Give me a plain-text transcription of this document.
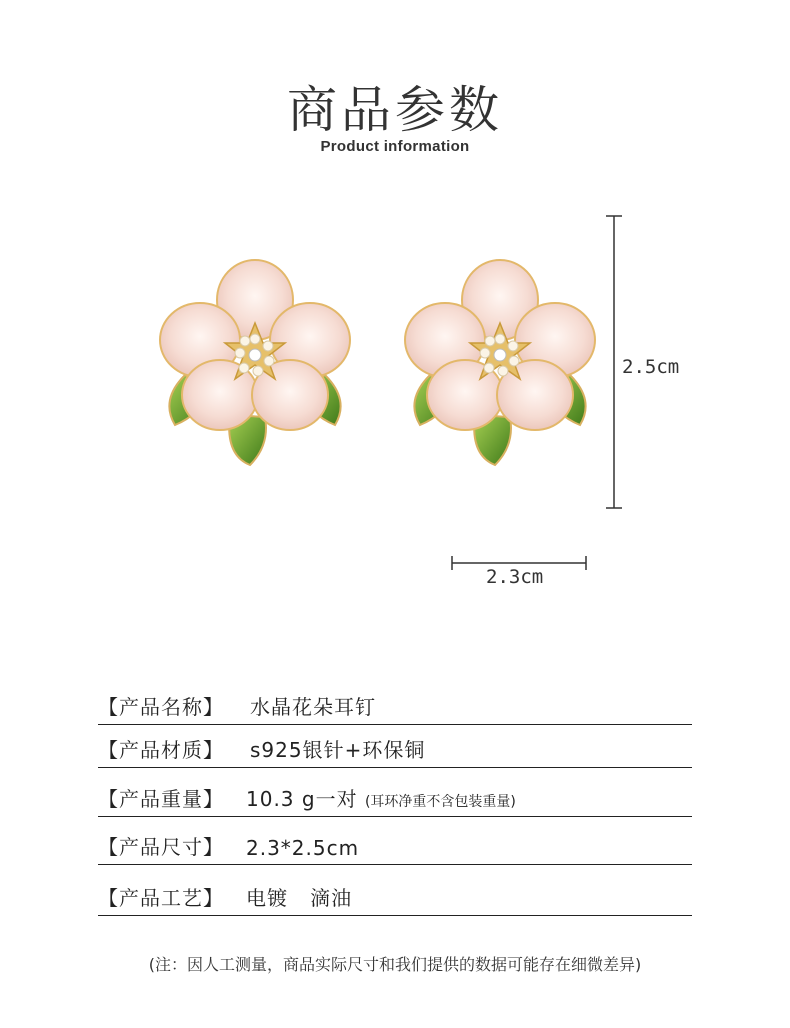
商品参数
Product information
2.5cm
2.3cm
【产品名称】 水晶花朵耳钉
【产品材质】 s925银针+环保铜
【产品重量】 10.3 g一对 (耳环净重不含包装重量)
【产品尺寸】 2.3*2.5cm
【产品工艺】 电镀   滴油
(注：因人工测量，商品实际尺寸和我们提供的数据可能存在细微差异)
